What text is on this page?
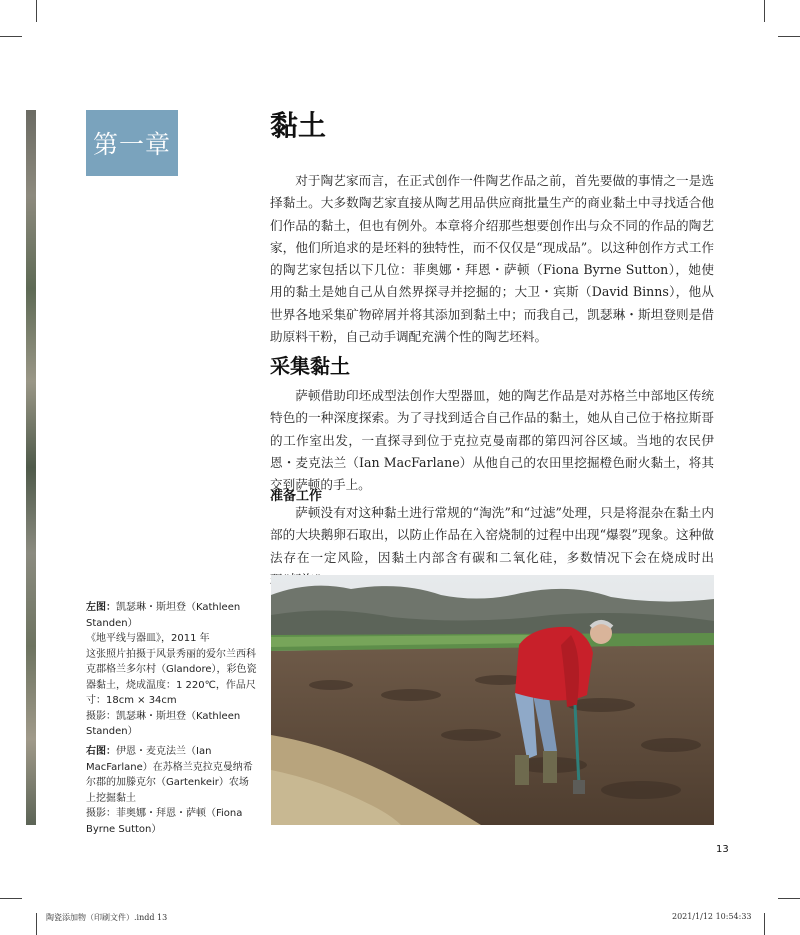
第一章
黏土

对于陶艺家而言，在正式创作一件陶艺作品之前，首先要做的事情之一是选择黏土。大多数陶艺家直接从陶艺用品供应商批量生产的商业黏土中寻找适合他们作品的黏土，但也有例外。本章将介绍那些想要创作出与众不同的作品的陶艺家，他们所追求的是坯料的独特性，而不仅仅是“现成品”。以这种创作方式工作的陶艺家包括以下几位：菲奥娜・拜恩・萨顿（Fiona Byrne Sutton），她使用的黏土是她自己从自然界探寻并挖掘的；大卫・宾斯（David Binns），他从世界各地采集矿物碎屑并将其添加到黏土中；而我自己，凯瑟琳・斯坦登则是借助原料干粉，自己动手调配充满个性的陶艺坯料。

采集黏土

萨顿借助印坯成型法创作大型器皿，她的陶艺作品是对苏格兰中部地区传统特色的一种深度探索。为了寻找到适合自己作品的黏土，她从自己位于格拉斯哥的工作室出发，一直探寻到位于克拉克曼南郡的第四河谷区域。当地的农民伊恩・麦克法兰（Ian MacFarlane）从他自己的农田里挖掘橙色耐火黏土，将其交到萨顿的手上。

准备工作

萨顿没有对这种黏土进行常规的“淘洗”和“过滤”处理，只是将混杂在黏土内部的大块鹅卵石取出，以防止作品在入窑烧制的过程中出现“爆裂”现象。这种做法存在一定风险，因黏土内部含有碳和二氧化硅，多数情况下会在烧成时出

左图：凯瑟琳・斯坦登（Kathleen Standen）

《地平线与器皿》，2011 年

这张照片拍摄于风景秀丽的爱尔兰西科克郡格兰多尔村（Glandore），彩色瓷器黏土，烧成温度：1 220℃，作品尺寸：18cm × 34cm

摄影：凯瑟琳・斯坦登（Kathleen Standen）

右图：伊恩・麦克法兰（Ian MacFarlane）在苏格兰克拉克曼纳希尔郡的加滕克尔（Gartenkeir）农场上挖掘黏土

摄影：菲奥娜・拜恩・萨顿（Fiona Byrne Sutton）

13
陶瓷添加物（印刷文件）.indd 13	2021/1/12 10:54:33
